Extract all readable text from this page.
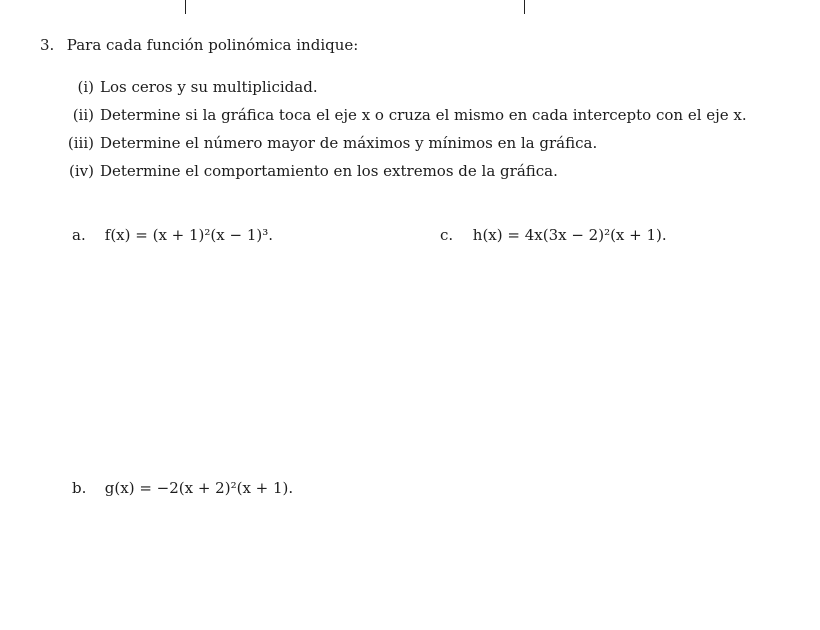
3. Para cada función polinómica indique:
(i) Los ceros y su multiplicidad.
(ii) Determine si la gráfica toca el eje x o cruza el mismo en cada intercepto con el eje x.
(iii) Determine el número mayor de máximos y mínimos en la gráfica.
(iv) Determine el comportamiento en los extremos de la gráfica.
a. f(x) = (x + 1)²(x − 1)³.	c. h(x) = 4x(3x − 2)²(x + 1).
b. g(x) = −2(x + 2)²(x + 1).
